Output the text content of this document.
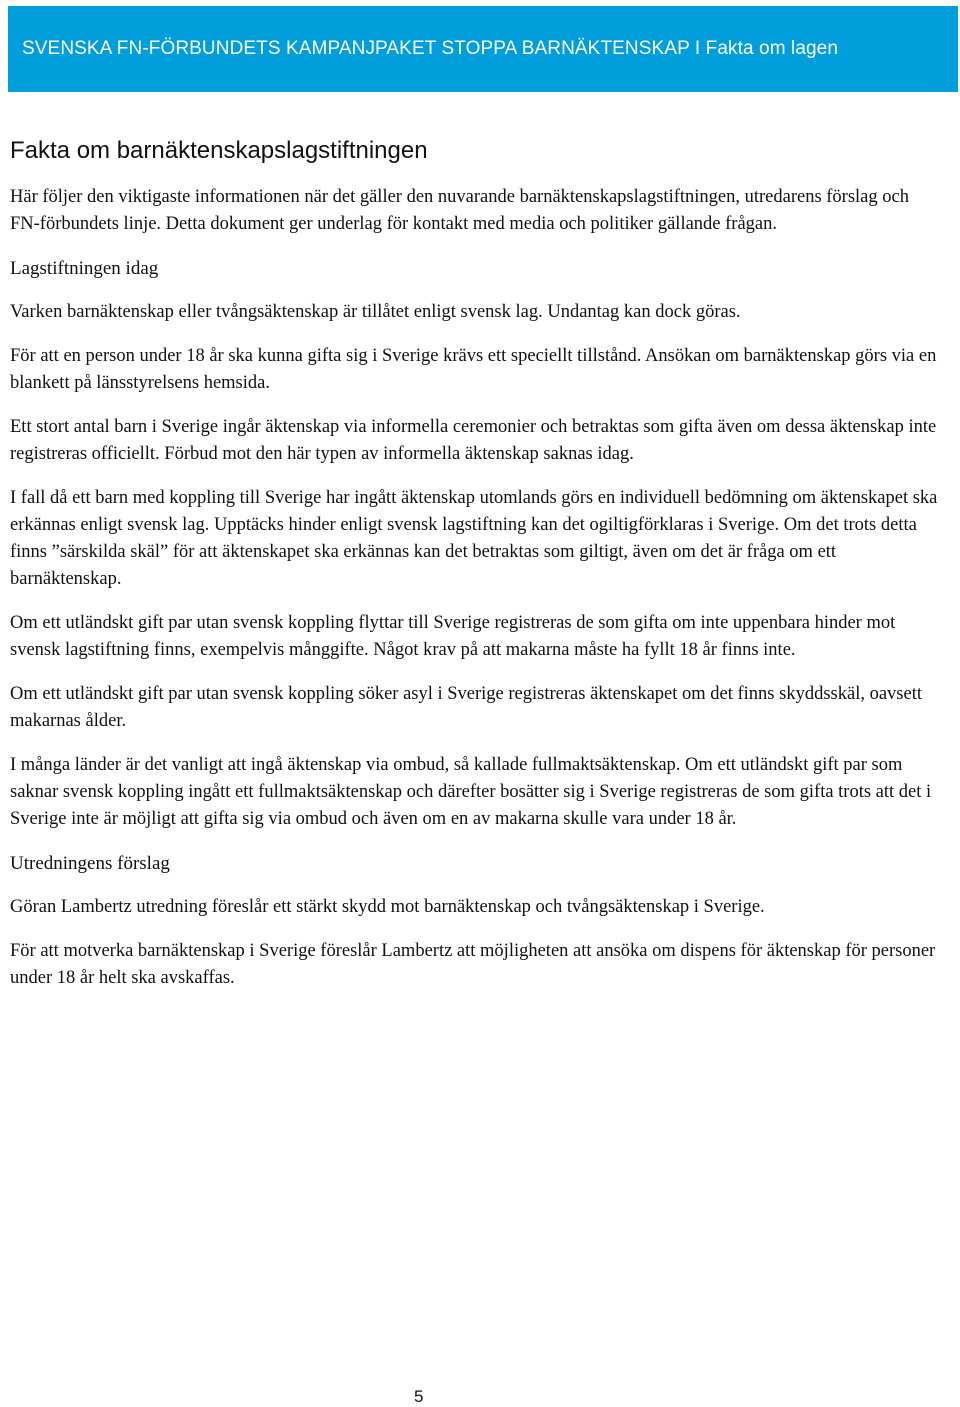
SVENSKA FN-FÖRBUNDETS KAMPANJPAKET STOPPA BARNÄKTENSKAP I Fakta om lagen
Fakta om barnäktenskapslagstiftningen

Här följer den viktigaste informationen när det gäller den nuvarande barnäktenskapslagstiftningen, utredarens förslag och FN-förbundets linje. Detta dokument ger underlag för kontakt med media och politiker gällande frågan.

Lagstiftningen idag

Varken barnäktenskap eller tvångsäktenskap är tillåtet enligt svensk lag. Undantag kan dock göras.

För att en person under 18 år ska kunna gifta sig i Sverige krävs ett speciellt tillstånd. Ansökan om barnäktenskap görs via en blankett på länsstyrelsens hemsida.

Ett stort antal barn i Sverige ingår äktenskap via informella ceremonier och betraktas som gifta även om dessa äktenskap inte registreras officiellt. Förbud mot den här typen av informella äktenskap saknas idag.

I fall då ett barn med koppling till Sverige har ingått äktenskap utomlands görs en individuell bedömning om äktenskapet ska erkännas enligt svensk lag. Upptäcks hinder enligt svensk lagstiftning kan det ogiltigförklaras i Sverige. Om det trots detta finns ”särskilda skäl” för att äktenskapet ska erkännas kan det betraktas som giltigt, även om det är fråga om ett barnäktenskap.

Om ett utländskt gift par utan svensk koppling flyttar till Sverige registreras de som gifta om inte uppenbara hinder mot svensk lagstiftning finns, exempelvis månggifte. Något krav på att makarna måste ha fyllt 18 år finns inte.

Om ett utländskt gift par utan svensk koppling söker asyl i Sverige registreras äktenskapet om det finns skyddsskäl, oavsett makarnas ålder.

I många länder är det vanligt att ingå äktenskap via ombud, så kallade fullmaktsäktenskap. Om ett utländskt gift par som saknar svensk koppling ingått ett fullmaktsäktenskap och därefter bosätter sig i Sverige registreras de som gifta trots att det i Sverige inte är möjligt att gifta sig via ombud och även om en av makarna skulle vara under 18 år.

Utredningens förslag

Göran Lambertz utredning föreslår ett stärkt skydd mot barnäktenskap och tvångsäktenskap i Sverige.

För att motverka barnäktenskap i Sverige föreslår Lambertz att möjligheten att ansöka om dispens för äktenskap för personer under 18 år helt ska avskaffas.

5
